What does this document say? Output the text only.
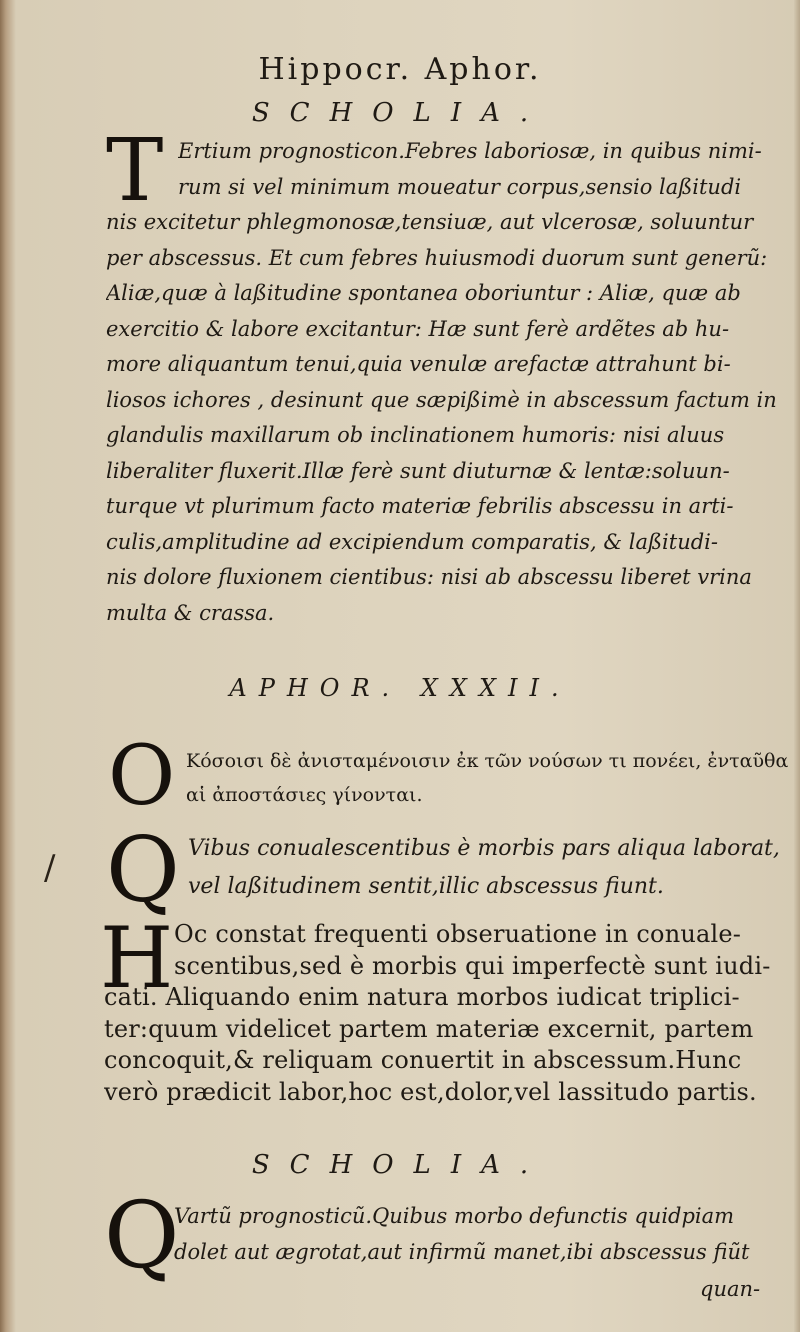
Hippocr. Aphor.
SCHOLIA.
T Ertium prognosticon.Febres laboriosæ, in quibus nimi-
rum si vel minimum moueatur corpus,sensio laßitudi
nis excitetur phlegmonosæ,tensiuæ, aut vlcerosæ, soluuntur
per abscessus. Et cum febres huiusmodi duorum sunt generũ:
Aliæ,quæ à laßitudine spontanea oboriuntur : Aliæ, quæ ab
exercitio & labore excitantur: Hæ sunt ferè ardẽtes ab hu-
more aliquantum tenui,quia venulæ arefactæ attrahunt bi-
liosos ichores , desinunt que sæpißimè in abscessum factum in
glandulis maxillarum ob inclinationem humoris: nisi aluus
liberaliter fluxerit.Illæ ferè sunt diuturnæ & lentæ:soluun-
turque vt plurimum facto materiæ febrilis abscessu in arti-
culis,amplitudine ad excipiendum comparatis, & laßitudi-
nis dolore fluxionem cientibus: nisi ab abscessu liberet vrina
multa & crassa.
APHOR. XXXII.
O Κόσοισι δὲ ἀνισταμένοισιν ἐκ τῶν νούσων τι πονέει, ἐνταῦθα
αἱ ἀποστάσιες γίνονται.
/ Q Vibus conualescentibus è morbis pars aliqua laborat,
vel laßitudinem sentit,illic abscessus fiunt.
H Oc constat frequenti obseruatione in conuale-
scentibus,sed è morbis qui imperfectè sunt iudi-
cati. Aliquando enim natura morbos iudicat triplici-
ter:quum videlicet partem materiæ excernit, partem
concoquit,& reliquam conuertit in abscessum.Hunc
verò prædicit labor,hoc est,dolor,vel lassitudo partis.
SCHOLIA.
Q
Vartũ prognosticũ.Quibus morbo defunctis quidpiam
dolet aut ægrotat,aut infirmũ manet,ibi abscessus fiũt
quan-
